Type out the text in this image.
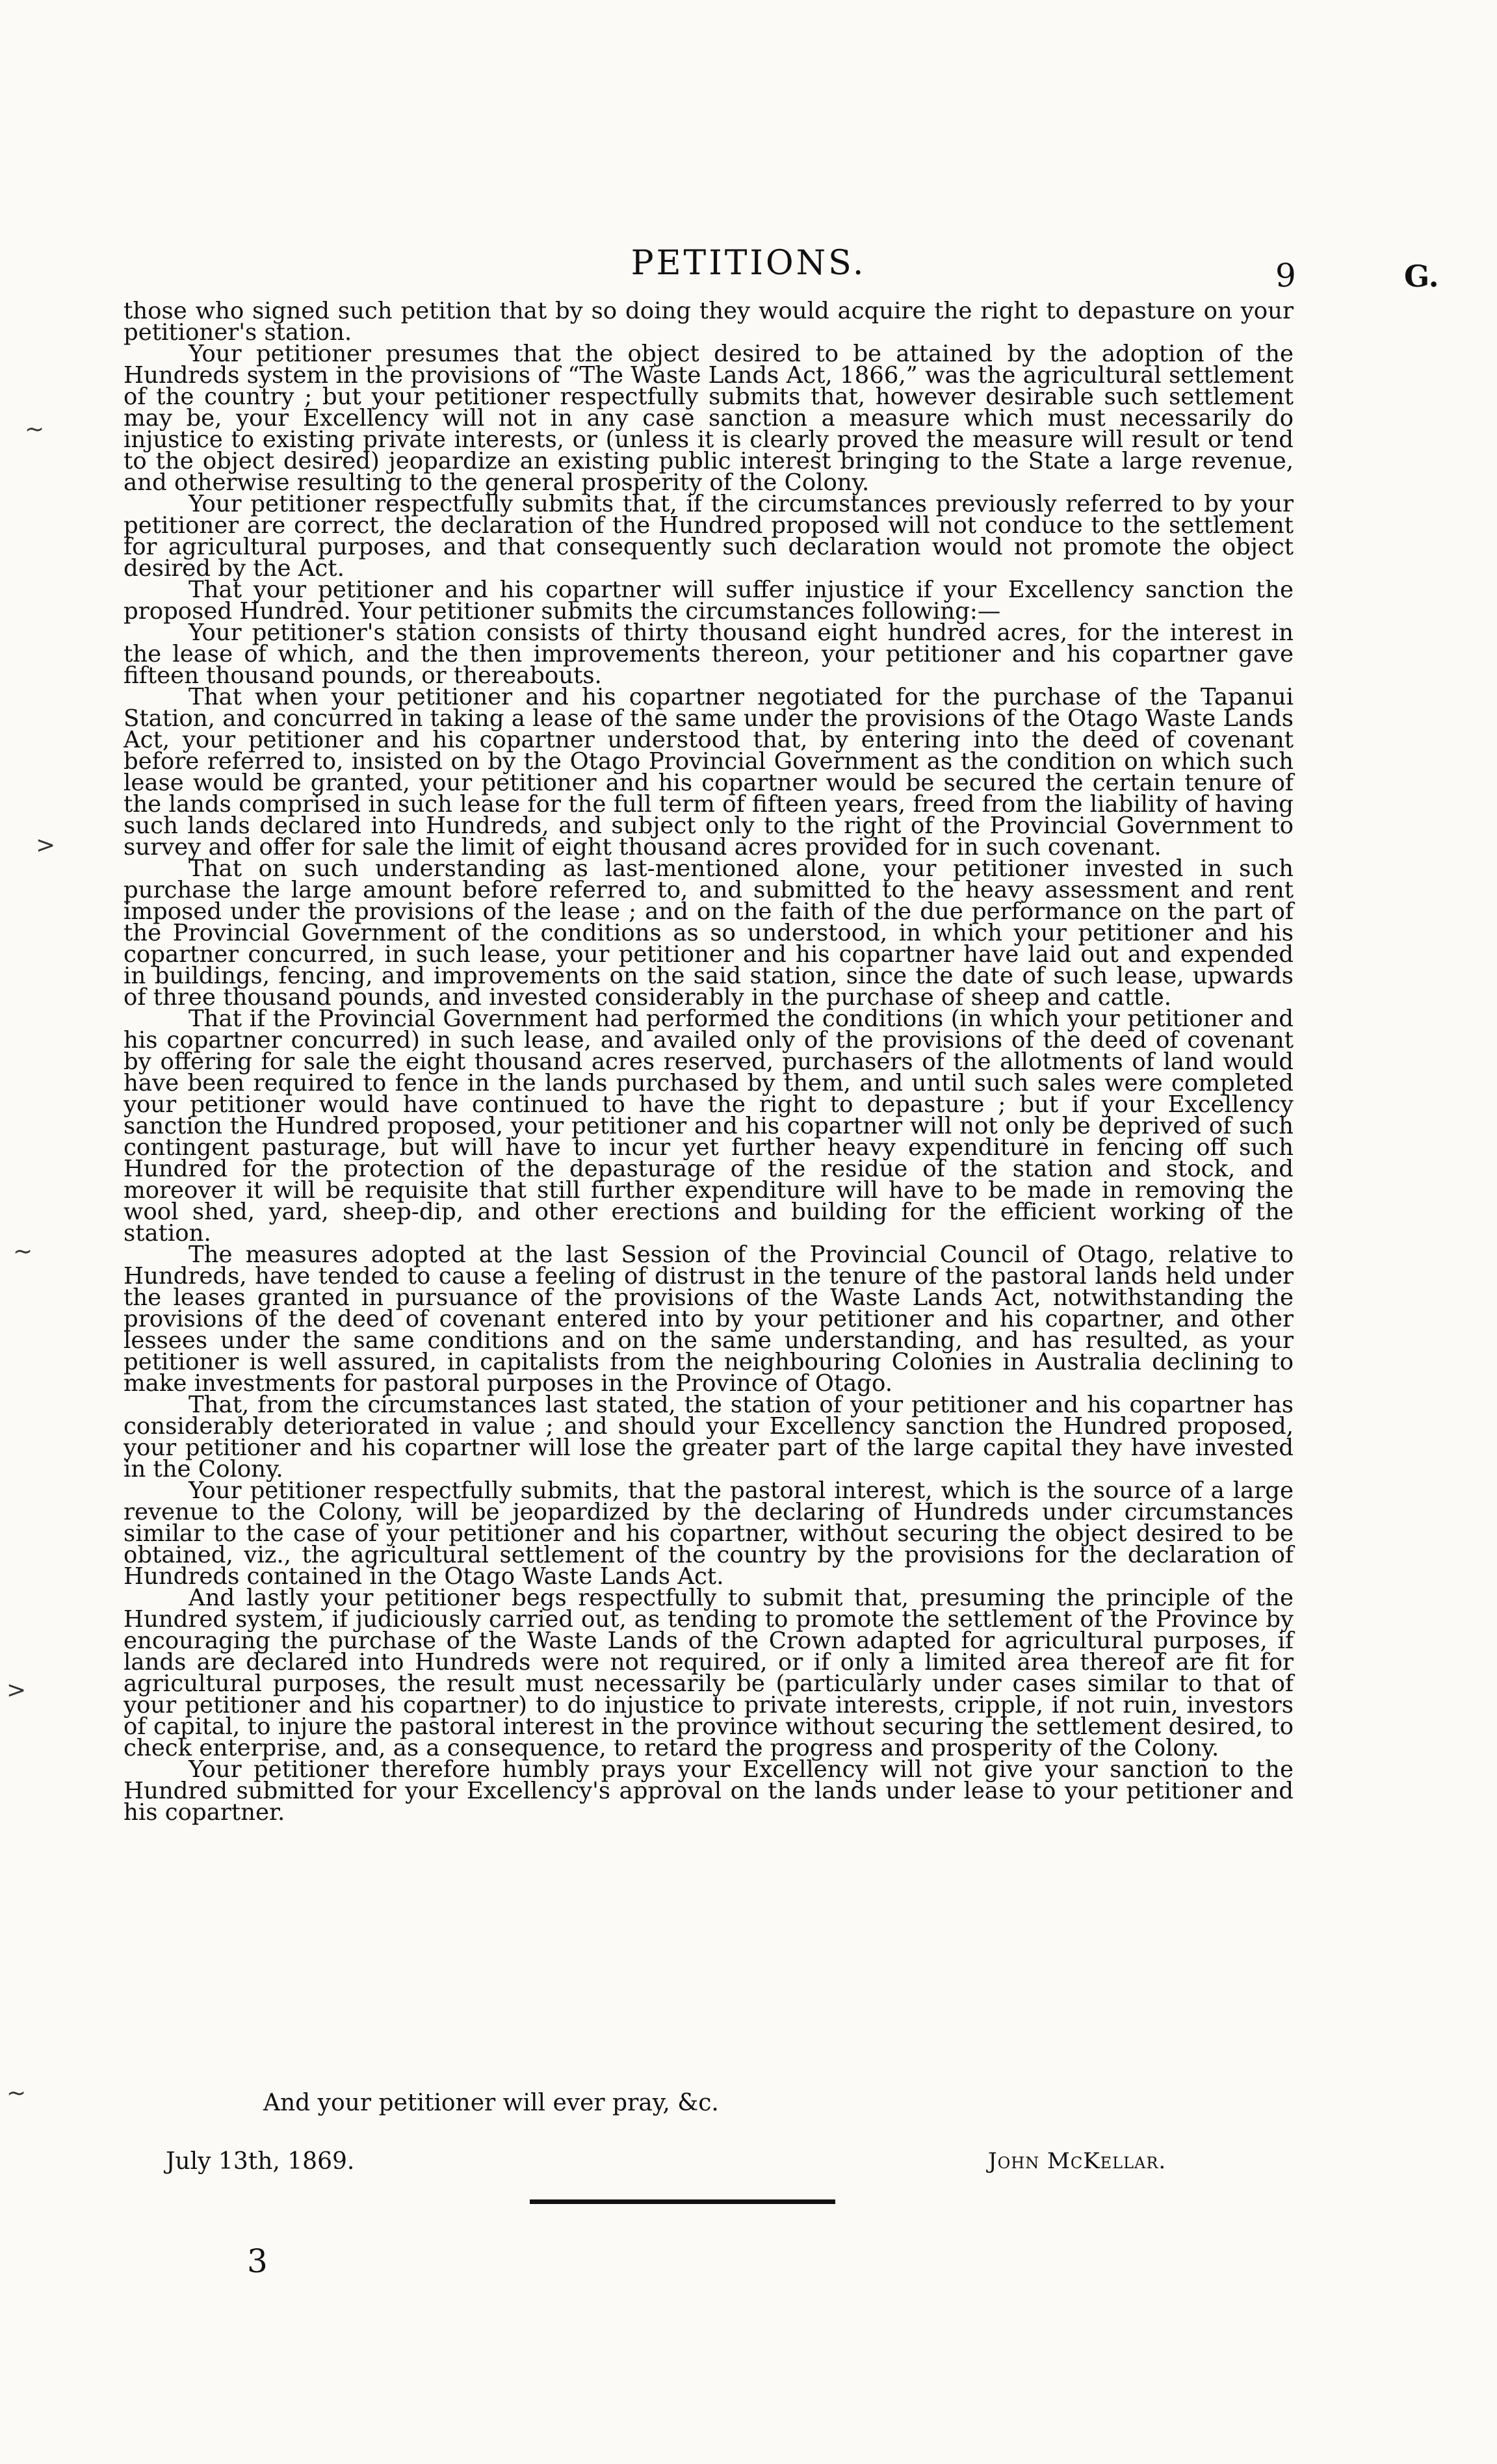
PETITIONS.	9	G.

those who signed such petition that by so doing they would acquire the right to depasture on your petitioner's station.

Your petitioner presumes that the object desired to be attained by the adoption of the Hundreds system in the provisions of “The Waste Lands Act, 1866,” was the agricultural settlement of the country ; but your petitioner respectfully submits that, however desirable such settlement may be, your Excellency will not in any case sanction a measure which must necessarily do injustice to existing private interests, or (unless it is clearly proved the measure will result or tend to the object desired) jeopardize an existing public interest bringing to the State a large revenue, and otherwise resulting to the general prosperity of the Colony.

Your petitioner respectfully submits that, if the circumstances previously referred to by your petitioner are correct, the declaration of the Hundred proposed will not conduce to the settlement for agricultural purposes, and that consequently such declaration would not promote the object desired by the Act.

That your petitioner and his copartner will suffer injustice if your Excellency sanction the proposed Hundred. Your petitioner submits the circumstances following:—

Your petitioner's station consists of thirty thousand eight hundred acres, for the interest in the lease of which, and the then improvements thereon, your petitioner and his copartner gave fifteen thousand pounds, or thereabouts.

That when your petitioner and his copartner negotiated for the purchase of the Tapanui Station, and concurred in taking a lease of the same under the provisions of the Otago Waste Lands Act, your petitioner and his copartner understood that, by entering into the deed of covenant before referred to, insisted on by the Otago Provincial Government as the condition on which such lease would be granted, your petitioner and his copartner would be secured the certain tenure of the lands comprised in such lease for the full term of fifteen years, freed from the liability of having such lands declared into Hundreds, and subject only to the right of the Provincial Government to survey and offer for sale the limit of eight thousand acres provided for in such covenant.

That on such understanding as last-mentioned alone, your petitioner invested in such purchase the large amount before referred to, and submitted to the heavy assessment and rent imposed under the provisions of the lease ; and on the faith of the due performance on the part of the Provincial Government of the conditions as so understood, in which your petitioner and his copartner concurred, in such lease, your petitioner and his copartner have laid out and expended in buildings, fencing, and improvements on the said station, since the date of such lease, upwards of three thousand pounds, and invested considerably in the purchase of sheep and cattle.

That if the Provincial Government had performed the conditions (in which your petitioner and his copartner concurred) in such lease, and availed only of the provisions of the deed of covenant by offering for sale the eight thousand acres reserved, purchasers of the allotments of land would have been required to fence in the lands purchased by them, and until such sales were completed your petitioner would have continued to have the right to depasture ; but if your Excellency sanction the Hundred proposed, your petitioner and his copartner will not only be deprived of such contingent pasturage, but will have to incur yet further heavy expenditure in fencing off such Hundred for the protection of the depasturage of the residue of the station and stock, and moreover it will be requisite that still further expenditure will have to be made in removing the wool shed, yard, sheep-dip, and other erections and building for the efficient working of the station.

The measures adopted at the last Session of the Provincial Council of Otago, relative to Hundreds, have tended to cause a feeling of distrust in the tenure of the pastoral lands held under the leases granted in pursuance of the provisions of the Waste Lands Act, notwithstanding the provisions of the deed of covenant entered into by your petitioner and his copartner, and other lessees under the same conditions and on the same understanding, and has resulted, as your petitioner is well assured, in capitalists from the neighbouring Colonies in Australia declining to make investments for pastoral purposes in the Province of Otago.

That, from the circumstances last stated, the station of your petitioner and his copartner has considerably deteriorated in value ; and should your Excellency sanction the Hundred proposed, your petitioner and his copartner will lose the greater part of the large capital they have invested in the Colony.

Your petitioner respectfully submits, that the pastoral interest, which is the source of a large revenue to the Colony, will be jeopardized by the declaring of Hundreds under circumstances similar to the case of your petitioner and his copartner, without securing the object desired to be obtained, viz., the agricultural settlement of the country by the provisions for the declaration of Hundreds contained in the Otago Waste Lands Act.

And lastly your petitioner begs respectfully to submit that, presuming the principle of the Hundred system, if judiciously carried out, as tending to promote the settlement of the Province by encouraging the purchase of the Waste Lands of the Crown adapted for agricultural purposes, if lands are declared into Hundreds were not required, or if only a limited area thereof are fit for agricultural purposes, the result must necessarily be (particularly under cases similar to that of your petitioner and his copartner) to do injustice to private interests, cripple, if not ruin, investors of capital, to injure the pastoral interest in the province without securing the settlement desired, to check enterprise, and, as a consequence, to retard the progress and prosperity of the Colony.

Your petitioner therefore humbly prays your Excellency will not give your sanction to the Hundred submitted for your Excellency's approval on the lands under lease to your petitioner and his copartner.

And your petitioner will ever pray, &c.
July 13th, 1869.	John McKellar.
3
~
>
~
>
~
